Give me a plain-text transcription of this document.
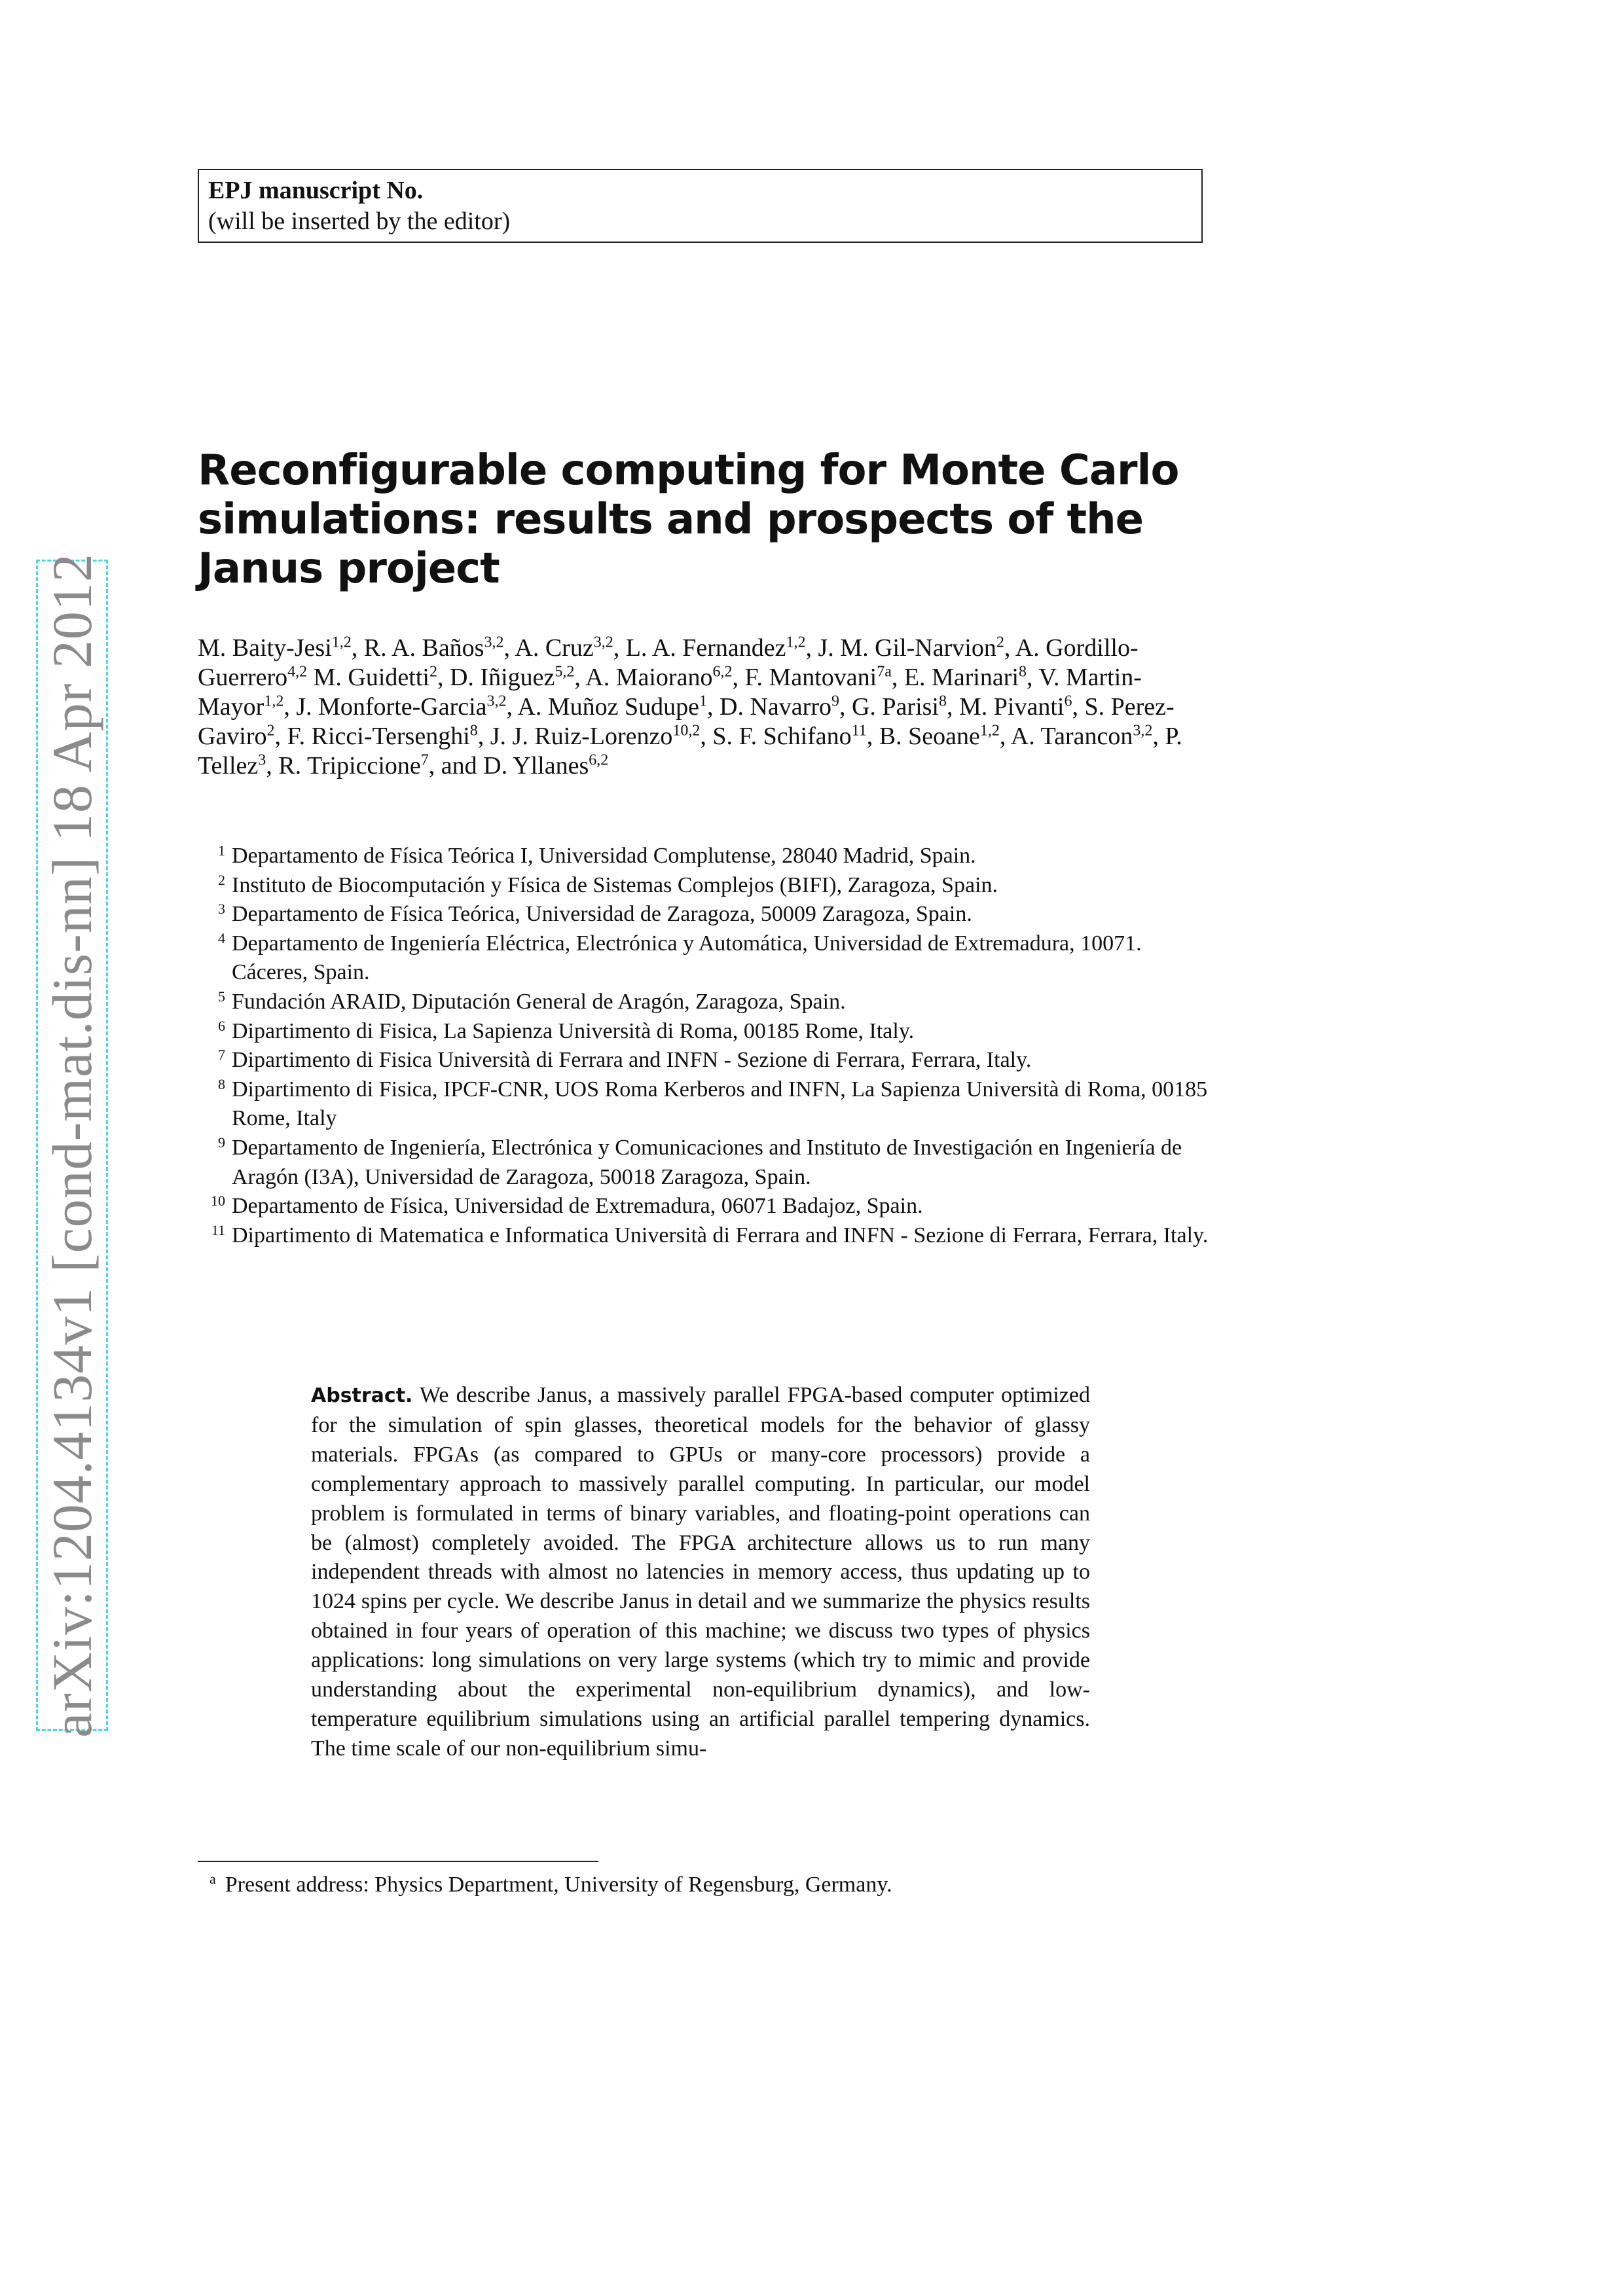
arXiv:1204.4134v1 [cond-mat.dis-nn] 18 Apr 2012
EPJ manuscript No.
(will be inserted by the editor)
Reconfigurable computing for Monte Carlo simulations: results and prospects of the Janus project
M. Baity-Jesi$^{1,2}$, R. A. Baños$^{3,2}$, A. Cruz$^{3,2}$, L. A. Fernandez$^{1,2}$, J. M. Gil-Narvion$^2$, A. Gordillo-Guerrero$^{4,2}$ M. Guidetti$^2$, D. Iñiguez$^{5,2}$, A. Maiorano$^{6,2}$, F. Mantovani$^{7a}$, E. Marinari$^8$, V. Martin-Mayor$^{1,2}$, J. Monforte-Garcia$^{3,2}$, A. Muñoz Sudupe$^1$, D. Navarro$^9$, G. Parisi$^8$, M. Pivanti$^6$, S. Perez-Gaviro$^2$, F. Ricci-Tersenghi$^8$, J. J. Ruiz-Lorenzo$^{10,2}$, S. F. Schifano$^{11}$, B. Seoane$^{1,2}$, A. Tarancon$^{3,2}$, P. Tellez$^3$, R. Tripiccione$^7$, and D. Yllanes$^{6,2}$
1 Departamento de Física Teórica I, Universidad Complutense, 28040 Madrid, Spain.
2 Instituto de Biocomputación y Física de Sistemas Complejos (BIFI), Zaragoza, Spain.
3 Departamento de Física Teórica, Universidad de Zaragoza, 50009 Zaragoza, Spain.
4 Departamento de Ingeniería Eléctrica, Electrónica y Automática, Universidad de Extremadura, 10071. Cáceres, Spain.
5 Fundación ARAID, Diputación General de Aragón, Zaragoza, Spain.
6 Dipartimento di Fisica, La Sapienza Università di Roma, 00185 Rome, Italy.
7 Dipartimento di Fisica Università di Ferrara and INFN - Sezione di Ferrara, Ferrara, Italy.
8 Dipartimento di Fisica, IPCF-CNR, UOS Roma Kerberos and INFN, La Sapienza Università di Roma, 00185 Rome, Italy
9 Departamento de Ingeniería, Electrónica y Comunicaciones and Instituto de Investigación en Ingeniería de Aragón (I3A), Universidad de Zaragoza, 50018 Zaragoza, Spain.
10 Departamento de Física, Universidad de Extremadura, 06071 Badajoz, Spain.
11 Dipartimento di Matematica e Informatica Università di Ferrara and INFN - Sezione di Ferrara, Ferrara, Italy.
Abstract. We describe Janus, a massively parallel FPGA-based computer optimized for the simulation of spin glasses, theoretical models for the behavior of glassy materials. FPGAs (as compared to GPUs or many-core processors) provide a complementary approach to massively parallel computing. In particular, our model problem is formulated in terms of binary variables, and floating-point operations can be (almost) completely avoided. The FPGA architecture allows us to run many independent threads with almost no latencies in memory access, thus updating up to 1024 spins per cycle. We describe Janus in detail and we summarize the physics results obtained in four years of operation of this machine; we discuss two types of physics applications: long simulations on very large systems (which try to mimic and provide understanding about the experimental non-equilibrium dynamics), and low-temperature equilibrium simulations using an artificial parallel tempering dynamics. The time scale of our non-equilibrium simu-
$^a$ Present address: Physics Department, University of Regensburg, Germany.
